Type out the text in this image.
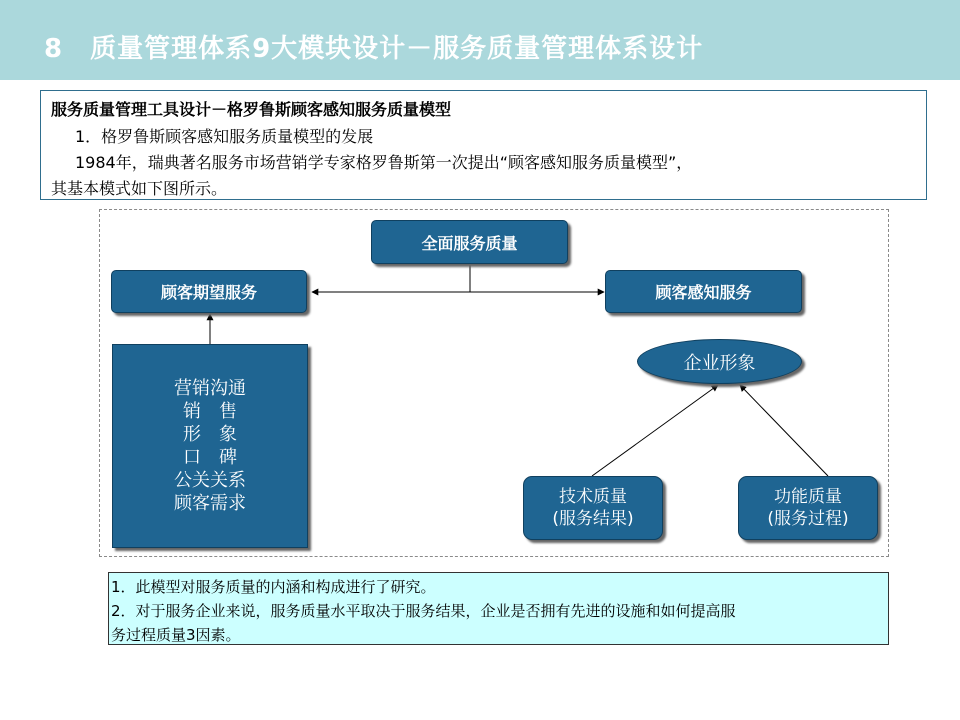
8　质量管理体系9大模块设计－服务质量管理体系设计
服务质量管理工具设计－格罗鲁斯顾客感知服务质量模型
1．格罗鲁斯顾客感知服务质量模型的发展
1984年，瑞典著名服务市场营销学专家格罗鲁斯第一次提出“顾客感知服务质量模型”，
其基本模式如下图所示。
全面服务质量
顾客期望服务	顾客感知服务
营销沟通
销　售
形　象
口　碑
公关关系
顾客需求
企业形象
技术质量
(服务结果)
功能质量
(服务过程)
1．此模型对服务质量的内涵和构成进行了研究。
2．对于服务企业来说，服务质量水平取决于服务结果，企业是否拥有先进的设施和如何提高服
务过程质量3因素。
